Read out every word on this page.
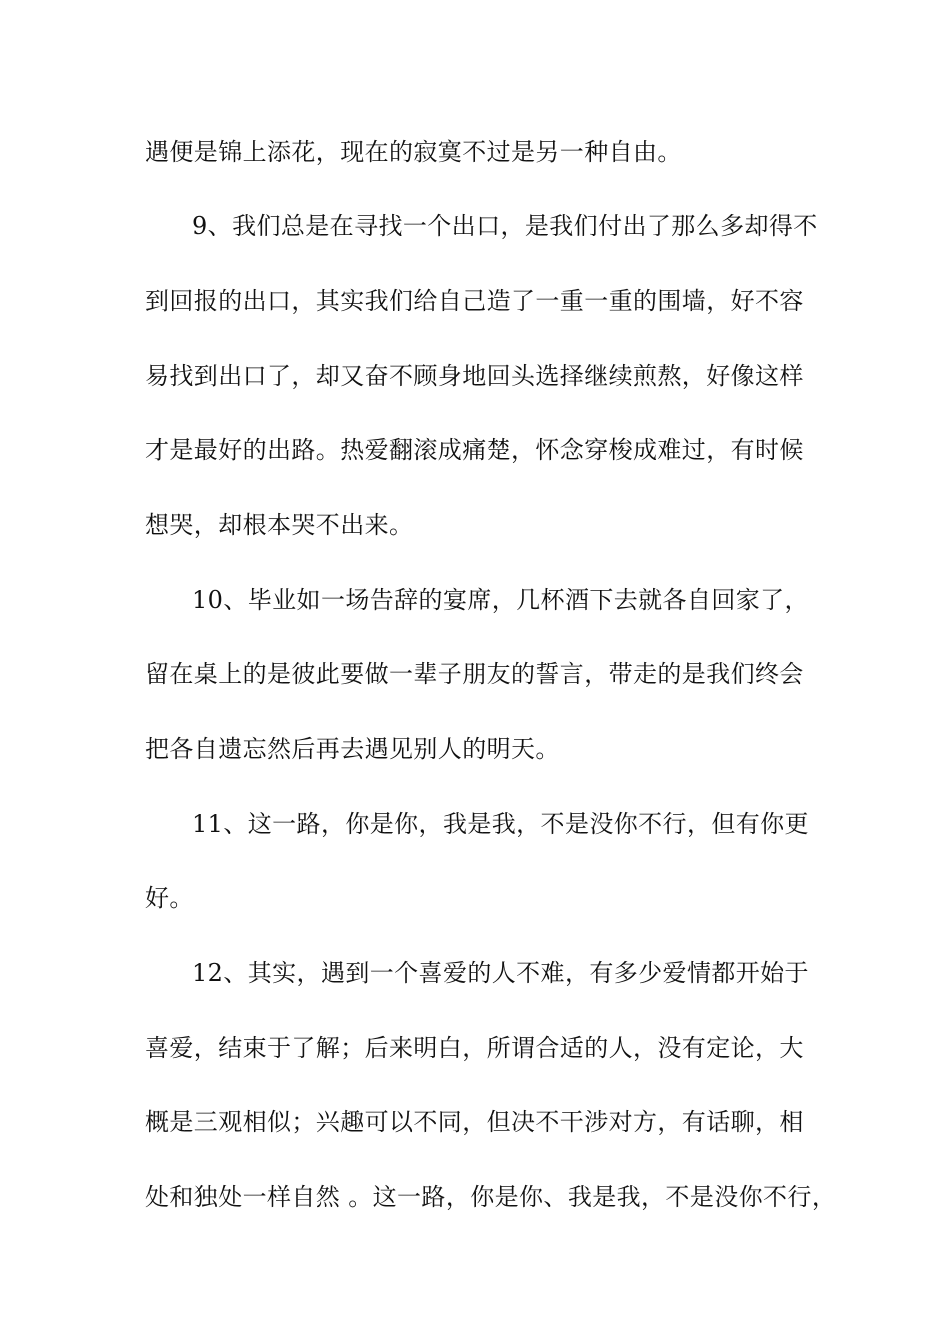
遇便是锦上添花，现在的寂寞不过是另一种自由。
9、我们总是在寻找一个出口，是我们付出了那么多却得不
到回报的出口，其实我们给自己造了一重一重的围墙，好不容
易找到出口了，却又奋不顾身地回头选择继续煎熬，好像这样
才是最好的出路。热爱翻滚成痛楚，怀念穿梭成难过，有时候
想哭，却根本哭不出来。
10、毕业如一场告辞的宴席，几杯酒下去就各自回家了，
留在桌上的是彼此要做一辈子朋友的誓言，带走的是我们终会
把各自遗忘然后再去遇见别人的明天。
11、这一路，你是你，我是我，不是没你不行，但有你更
好。
12、其实，遇到一个喜爱的人不难，有多少爱情都开始于
喜爱，结束于了解；后来明白，所谓合适的人，没有定论，大
概是三观相似；兴趣可以不同，但决不干涉对方，有话聊，相
处和独处一样自然 。这一路，你是你、我是我，不是没你不行，
